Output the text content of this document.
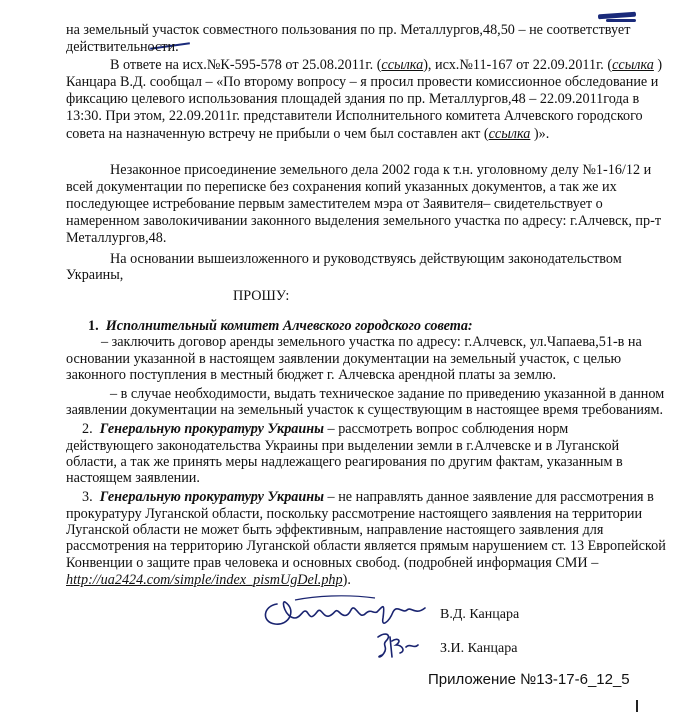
на земельный участок совместного пользования по пр. Металлургов,48,50 – не соответствует
действительности.
В ответе на исх.№К-595-578 от 25.08.2011г. (ссылка), исх.№11-167 от 22.09.2011г. (ссылка )
Канцара В.Д. сообщал – «По второму вопросу – я просил провести комиссионное обследование и
фиксацию целевого использования площадей здания по пр. Металлургов,48 – 22.09.2011года в
13:30. При этом, 22.09.2011г. представители Исполнительного комитета Алчевского городского
совета на назначенную встречу не прибыли о чем был составлен акт (ссылка )».
Незаконное присоединение земельного дела 2002 года к т.н. уголовному делу №1-16/12 и
всей документации по переписке без сохранения копий указанных документов, а так же их
последующее истребование первым заместителем мэра от Заявителя– свидетельствует о
намеренном заволокичивании законного выделения земельного участка по адресу: г.Алчевск, пр-т
Металлургов,48.
На основании вышеизложенного и руководствуясь действующим законодательством
Украины,
ПРОШУ:
1. Исполнительный комитет Алчевского городского совета:
– заключить договор аренды земельного участка по адресу: г.Алчевск, ул.Чапаева,51-в на
основании указанной в настоящем заявлении документации на земельный участок, с целью
законного поступления в местный бюджет г. Алчевска арендной платы за землю.
– в случае необходимости, выдать техническое задание по приведению указанной в данном
заявлении документации на земельный участок к существующим в настоящее время требованиям.
2. Генеральную прокуратуру Украины – рассмотреть вопрос соблюдения норм
действующего законодательства Украины при выделении земли в г.Алчевскe и в Луганской
области, а так же принять меры надлежащего реагирования по другим фактам, указанным в
настоящем заявлении.
3. Генеральную прокуратуру Украины – не направлять данное заявление для рассмотрения в
прокуратуру Луганской области, поскольку рассмотрение настоящего заявления на территории
Луганской области не может быть эффективным, направление настоящего заявления для
рассмотрения на территорию Луганской области является прямым нарушением ст. 13 Европейской
Конвенции о защите прав человека и основных свобод. (подробней информация СМИ –
http://ua2424.com/simple/index_pismUgDel.php).
В.Д. Канцара
З.И. Канцара
Приложение №13-17-6_12_5
